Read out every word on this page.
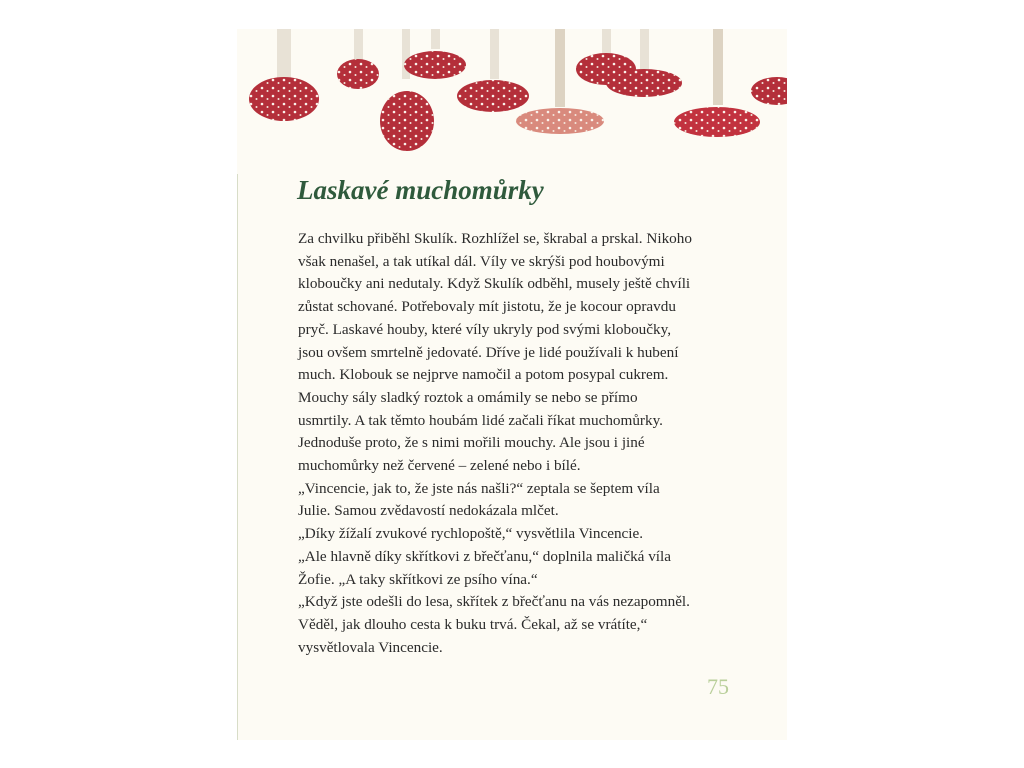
Laskavé muchomůrky
Za chvilku přiběhl Skulík. Rozhlížel se, škrabal a prskal. Nikoho
však nenašel, a tak utíkal dál. Víly ve skrýši pod houbovými
kloboučky ani nedutaly. Když Skulík odběhl, musely ještě chvíli
zůstat schované. Potřebovaly mít jistotu, že je kocour opravdu
pryč. Laskavé houby, které víly ukryly pod svými kloboučky,
jsou ovšem smrtelně jedovaté. Dříve je lidé používali k hubení
much. Klobouk se nejprve namočil a potom posypal cukrem.
Mouchy sály sladký roztok a omámily se nebo se přímo
usmrtily. A tak těmto houbám lidé začali říkat muchomůrky.
Jednoduše proto, že s nimi mořili mouchy. Ale jsou i jiné
muchomůrky než červené – zelené nebo i bílé.
„Vincencie, jak to, že jste nás našli?“ zeptala se šeptem víla
Julie. Samou zvědavostí nedokázala mlčet.
„Díky žížalí zvukové rychlopoště,“ vysvětlila Vincencie.
„Ale hlavně díky skřítkovi z břečťanu,“ doplnila maličká víla
Žofie. „A taky skřítkovi ze psího vína.“
„Když jste odešli do lesa, skřítek z břečťanu na vás nezapomněl.
Věděl, jak dlouho cesta k buku trvá. Čekal, až se vrátíte,“
vysvětlovala Vincencie.
75
